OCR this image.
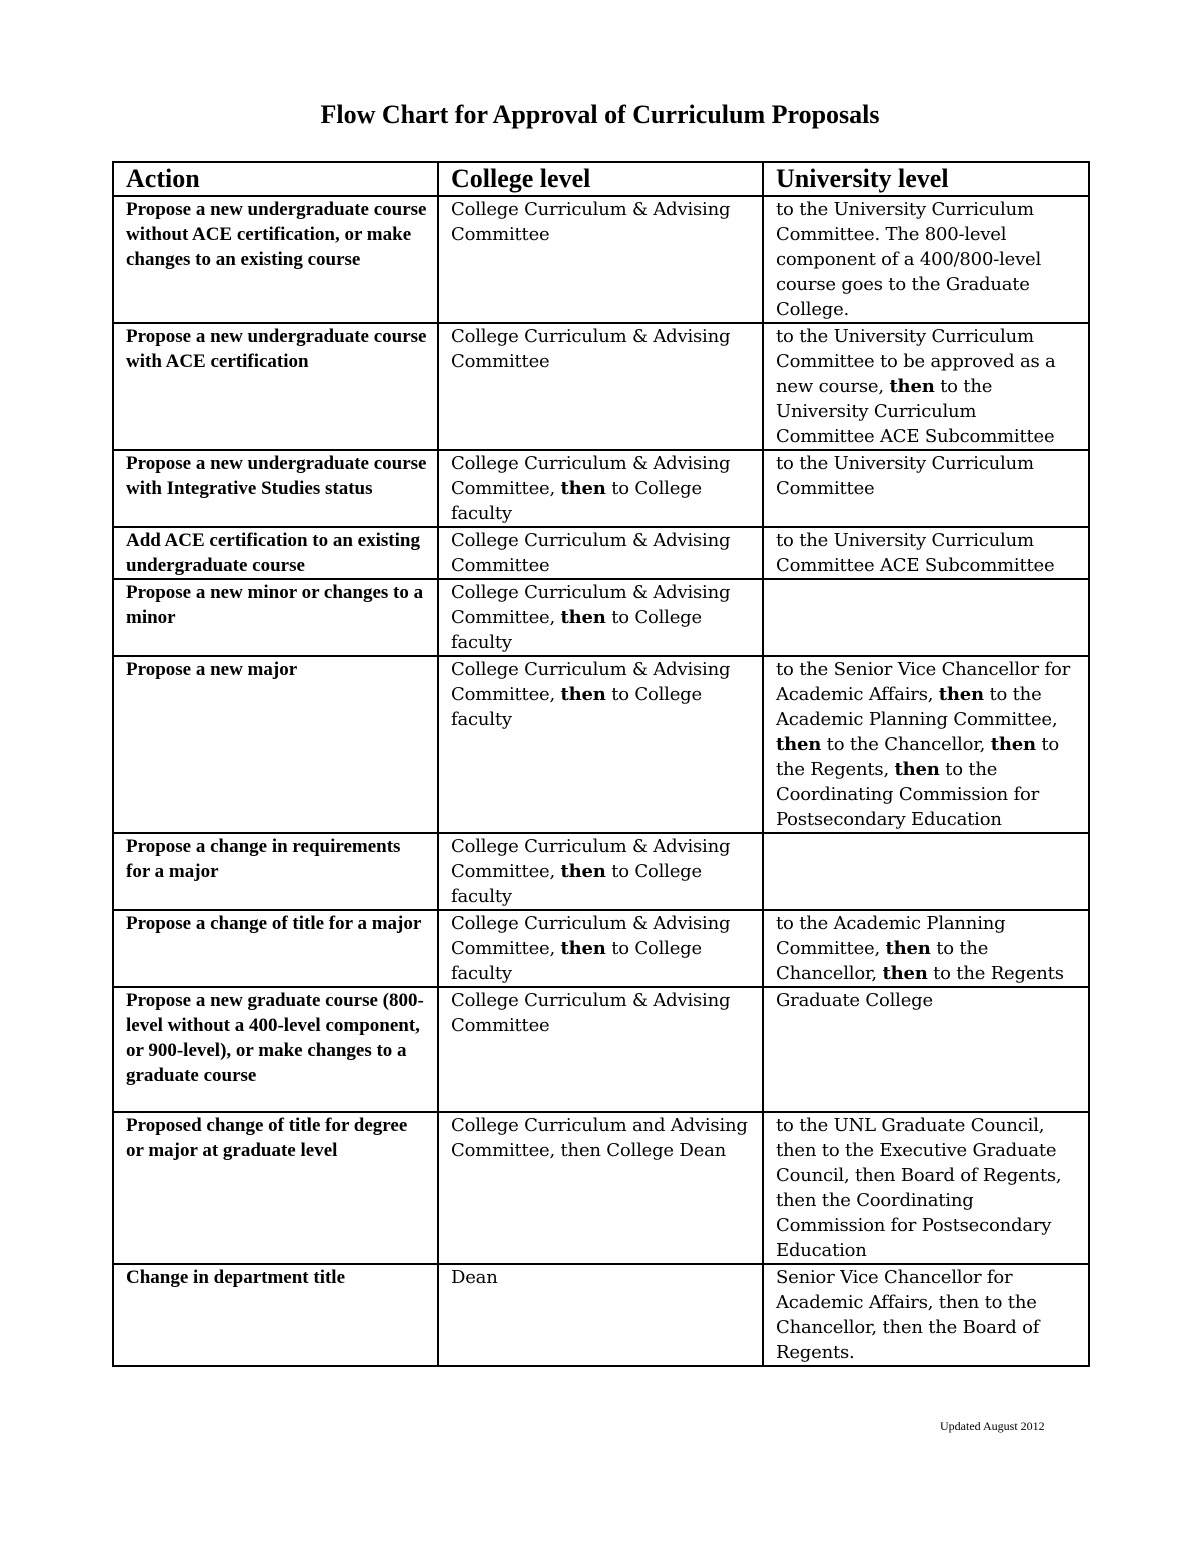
Flow Chart for Approval of Curriculum Proposals
Action	College level	University level
Propose a new undergraduate course without ACE certification, or make changes to an existing course	College Curriculum & Advising Committee	to the University Curriculum Committee. The 800-level component of a 400/800-level course goes to the Graduate College.
Propose a new undergraduate course with ACE certification	College Curriculum & Advising Committee	to the University Curriculum Committee to be approved as a new course, then to the University Curriculum Committee ACE Subcommittee
Propose a new undergraduate course with Integrative Studies status	College Curriculum & Advising Committee, then to College faculty	to the University Curriculum Committee
Add ACE certification to an existing undergraduate course	College Curriculum & Advising Committee	to the University Curriculum Committee ACE Subcommittee
Propose a new minor or changes to a minor	College Curriculum & Advising Committee, then to College faculty	
Propose a new major	College Curriculum & Advising Committee, then to College faculty	to the Senior Vice Chancellor for Academic Affairs, then to the Academic Planning Committee, then to the Chancellor, then to the Regents, then to the Coordinating Commission for Postsecondary Education
Propose a change in requirements for a major	College Curriculum & Advising Committee, then to College faculty	
Propose a change of title for a major	College Curriculum & Advising Committee, then to College faculty	to the Academic Planning Committee, then to the Chancellor, then to the Regents
Propose a new graduate course (800-level without a 400-level component, or 900-level), or make changes to a graduate course	College Curriculum & Advising Committee	Graduate College
Proposed change of title for degree or major at graduate level	College Curriculum and Advising Committee, then College Dean	to the UNL Graduate Council, then to the Executive Graduate Council, then Board of Regents, then the Coordinating Commission for Postsecondary Education
Change in department title	Dean	Senior Vice Chancellor for Academic Affairs, then to the Chancellor, then the Board of Regents.
Updated August 2012
